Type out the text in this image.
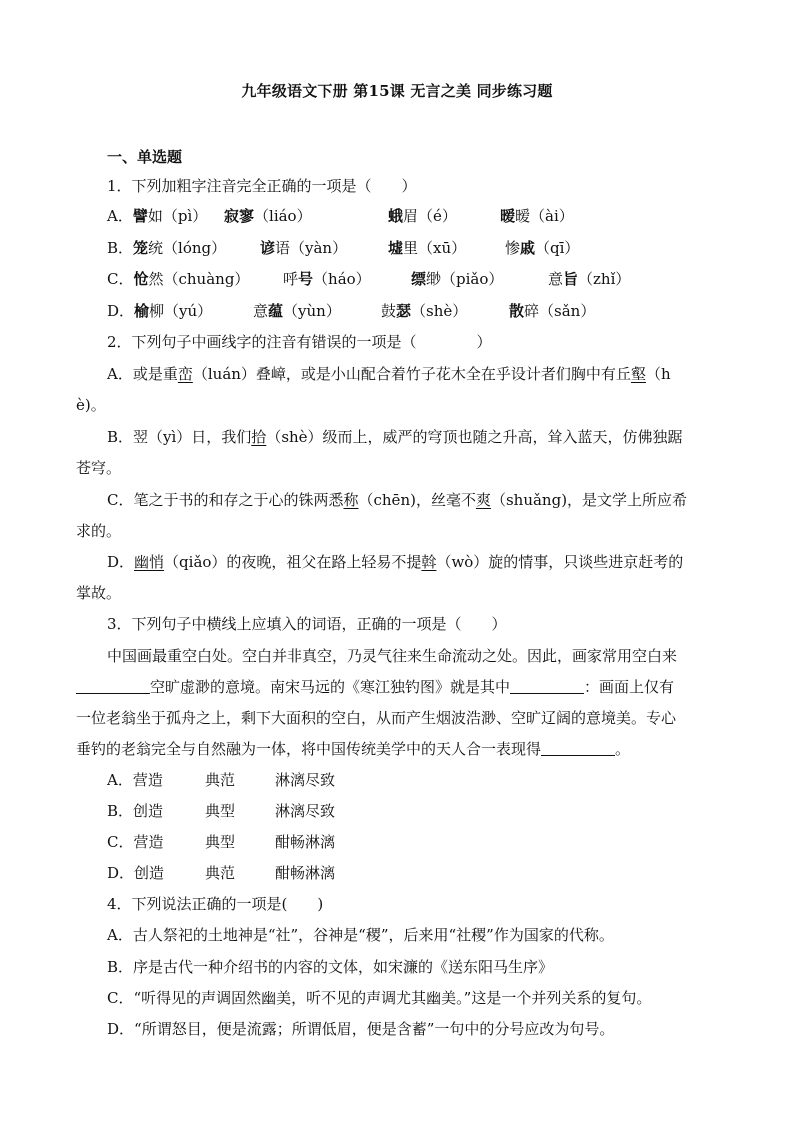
九年级语文下册 第15课 无言之美 同步练习题
一、单选题
1．下列加粗字注音完全正确的一项是（　　）
A．譬如（pì） 寂寥（liáo）	蛾眉（é）	暧暧（ài）
B．笼统（lóng） 谚语（yàn）	墟里（xū）	惨戚（qī）
C．怆然（chuàng） 呼号（háo）	缥缈（piǎo）	意旨（zhǐ）
D．榆柳（yú）	意蕴（yùn）	鼓瑟（shè）	散碎（sǎn）
2．下列句子中画线字的注音有错误的一项是（　　　　）
A．或是重峦（luán）叠嶂，或是小山配合着竹子花木全在乎设计者们胸中有丘壑（h
è)。
B．翌（yì）日，我们拾（shè）级而上，威严的穹顶也随之升高，耸入蓝天，仿佛独踞
苍穹。
C．笔之于书的和存之于心的铢两悉称（chēn)，丝毫不爽（shuǎng)，是文学上所应希
求的。
D．幽悄（qiǎo）的夜晚，祖父在路上轻易不提斡（wò）旋的情事，只谈些进京赶考的
掌故。
3．下列句子中横线上应填入的词语，正确的一项是（　　）
中国画最重空白处。空白并非真空，乃灵气往来生命流动之处。因此，画家常用空白来
空旷虚渺的意境。南宋马远的《寒江独钓图》就是其中	：画面上仅有
一位老翁坐于孤舟之上，剩下大面积的空白，从而产生烟波浩渺、空旷辽阔的意境美。专心
垂钓的老翁完全与自然融为一体，将中国传统美学中的天人合一表现得	。
A．营造	典范	淋漓尽致
B．创造	典型	淋漓尽致
C．营造	典型	酣畅淋漓
D．创造	典范	酣畅淋漓
4．下列说法正确的一项是(　　)
A．古人祭祀的土地神是“社”，谷神是“稷”，后来用“社稷”作为国家的代称。
B．序是古代一种介绍书的内容的文体，如宋濂的《送东阳马生序》
C．“听得见的声调固然幽美，听不见的声调尤其幽美。”这是一个并列关系的复句。
D．“所谓怒目，便是流露；所谓低眉，便是含蓄”一句中的分号应改为句号。
